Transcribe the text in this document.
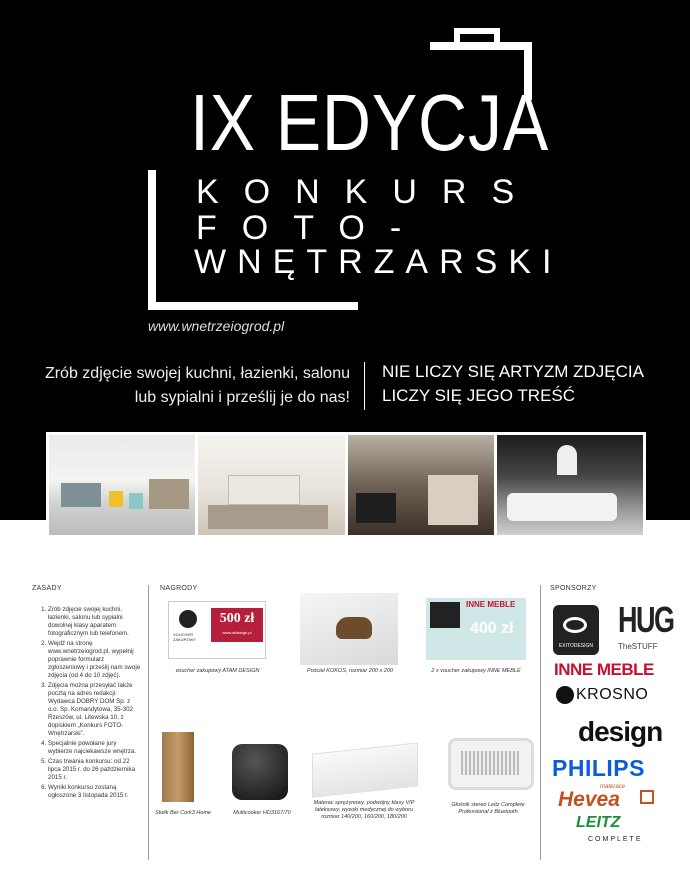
IX EDYCJA
KONKURS
FOTO-
WNĘTRZARSKI
www.wnetrzeiogrod.pl
Zrób zdjęcie swojej kuchni, łazienki, salonu
lub sypialni i prześlij je do nas!
NIE LICZY SIĘ ARTYZM ZDJĘCIA
LICZY SIĘ JEGO TREŚĆ
ZASADY
1. Zrób zdjęcie swojej kuchni, łazienki, salonu lub sypialni dowolnej klasy aparatem fotograficznym lub telefonem.
2. Wejdź na stronę www.wnetrzeiogrod.pl, wypełnij poprawnie formularz zgłoszeniowy i prześlij nam swoje zdjęcia (od 4 do 10 zdjęć).
3. Zdjęcia można przesyłać także pocztą na adres redakcji: Wydawca DOBRY DOM Sp. z o.o. Sp. Komandytowa, 35-302 Rzeszów, ul. Litewska 10, z dopiskiem „Konkurs FOTO-Wnętrzarski”.
4. Specjalnie powołane jury wybierze najciekawsze wnętrza.
5. Czas trwania konkursu: od 22 lipca 2015 r. do 26 października 2015 r.
6. Wyniki konkursu zostaną ogłoszone 3 listopada 2015 r.
NAGRODY
VOUCHER ZAKUPOWY
500 zł
www.atdesign.pl
voucher zakupowy ATAM DESIGN	Pościel KOKOS, rozmiar 200 x 200
INNE MEBLE
400 zł
2 x voucher zakupowy INNE MEBLE
Stolik Bar Cork3 Home	Multicooker HD3167/70
Materac sprężynowy, podwójny klasy VIP lateksowy, wysoki medycznej do wyboru rozmiar 140/200, 160/200, 180/200
Głośnik stereo Leitz Complete Professional z Bluetooth
SPONSORZY
EXITODESIGN
HUG
TheSTUFF
INNE MEBLE
KROSNO
design
PHILIPS
materace
Hevea
LEITZ
COMPLETE
